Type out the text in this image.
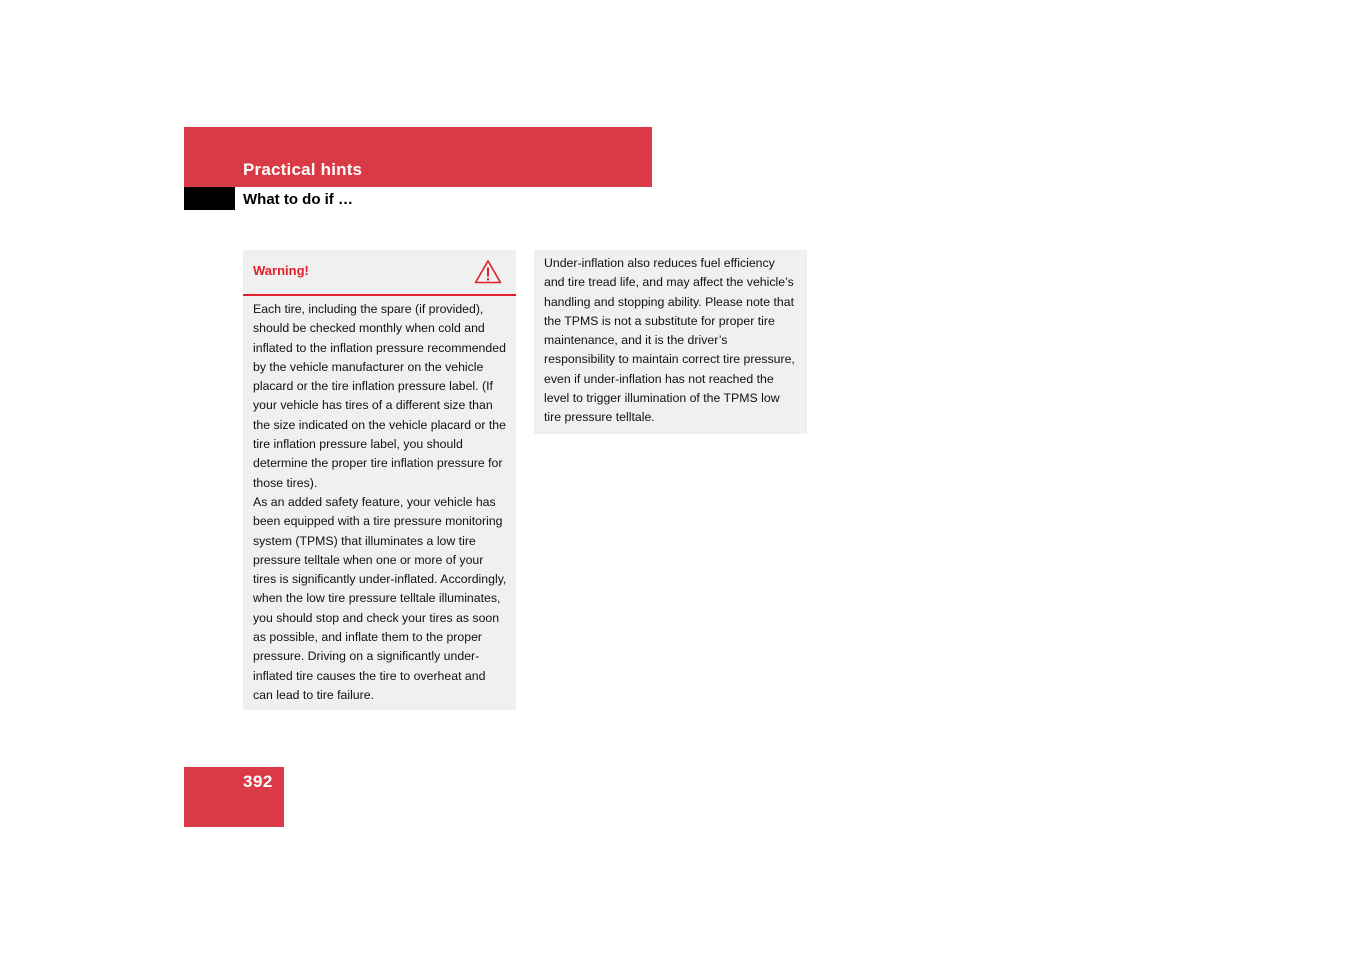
Practical hints
What to do if …
Warning!

Each tire, including the spare (if provided), should be checked monthly when cold and inflated to the inflation pressure recommended by the vehicle manufacturer on the vehicle placard or the tire inflation pressure label. (If your vehicle has tires of a different size than the size indicated on the vehicle placard or the tire inflation pressure label, you should determine the proper tire inflation pressure for those tires).

As an added safety feature, your vehicle has been equipped with a tire pressure monitoring system (TPMS) that illuminates a low tire pressure telltale when one or more of your tires is significantly under-inflated. Accordingly, when the low tire pressure telltale illuminates, you should stop and check your tires as soon as possible, and inflate them to the proper pressure. Driving on a significantly under-inflated tire causes the tire to overheat and can lead to tire failure.

Under-inflation also reduces fuel efficiency and tire tread life, and may affect the vehicle’s handling and stopping ability. Please note that the TPMS is not a substitute for proper tire maintenance, and it is the driver’s responsibility to maintain correct tire pressure, even if under-inflation has not reached the level to trigger illumination of the TPMS low tire pressure telltale.

392
